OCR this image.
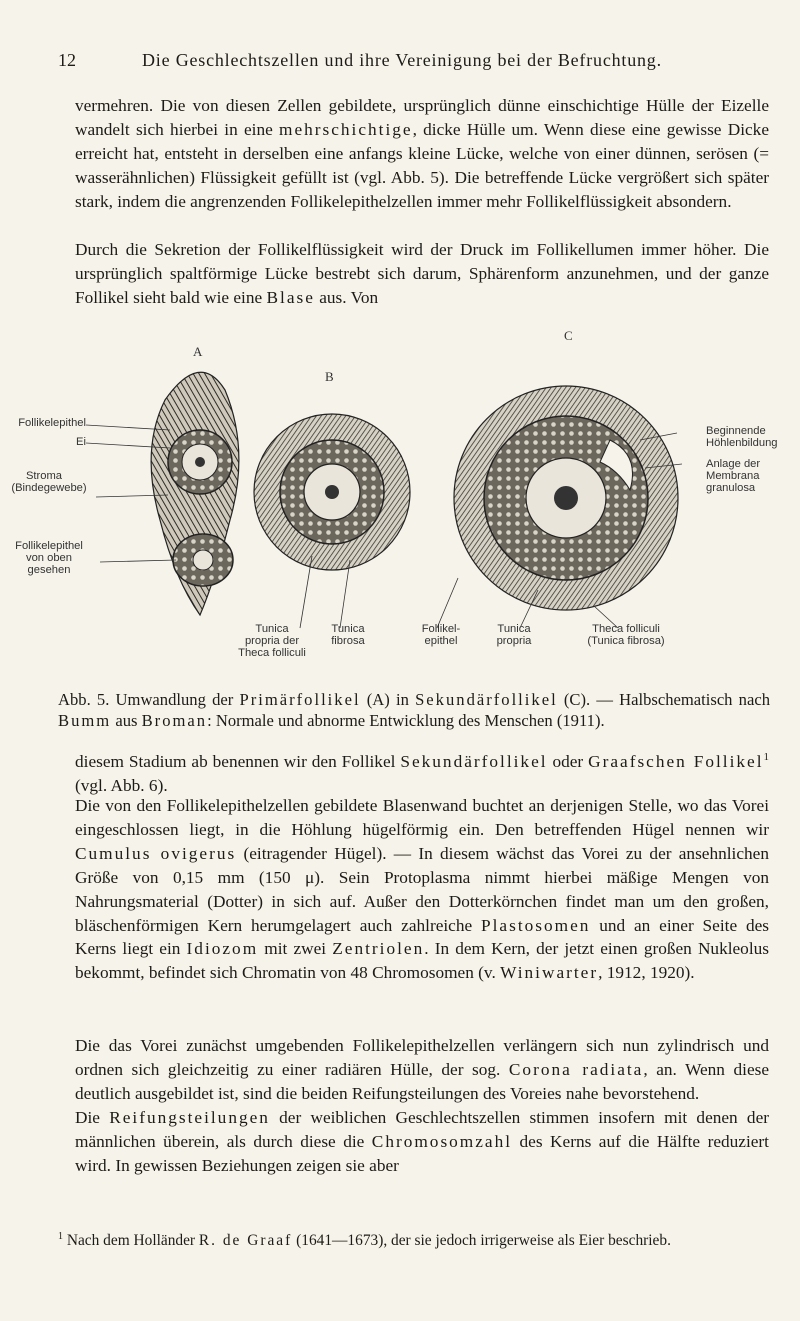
12	Die Geschlechtszellen und ihre Vereinigung bei der Befruchtung.

vermehren. Die von diesen Zellen gebildete, ursprünglich dünne einschichtige Hülle der Eizelle wandelt sich hierbei in eine mehrschichtige, dicke Hülle um. Wenn diese eine gewisse Dicke erreicht hat, entsteht in derselben eine anfangs kleine Lücke, welche von einer dünnen, serösen (= wasserähnlichen) Flüssigkeit gefüllt ist (vgl. Abb. 5). Die betreffende Lücke vergrößert sich später stark, indem die angrenzenden Follikelepithelzellen immer mehr Follikelflüssigkeit absondern.

Durch die Sekretion der Follikelflüssigkeit wird der Druck im Follikellumen immer höher. Die ursprünglich spaltförmige Lücke bestrebt sich darum, Sphärenform anzunehmen, und der ganze Follikel sieht bald wie eine Blase aus. Von

C
A
B
Follikelepithel
Ei
Stroma
(Bindegewebe)
Follikelepithel
von oben
gesehen
Beginnende
Höhlenbildung
Anlage der
Membrana
granulosa
Tunica
propria der
Theca folliculi
Tunica
fibrosa
Follikel-
epithel
Tunica
propria
Theca folliculi
(Tunica fibrosa)

Abb. 5. Umwandlung der Primärfollikel (A) in Sekundärfollikel (C). — Halbschematisch nach Bumm aus Broman: Normale und abnorme Entwicklung des Menschen (1911).

diesem Stadium ab benennen wir den Follikel Sekundärfollikel oder Graafschen Follikel$^1$ (vgl. Abb. 6).

Die von den Follikelepithelzellen gebildete Blasenwand buchtet an derjenigen Stelle, wo das Vorei eingeschlossen liegt, in die Höhlung hügelförmig ein. Den betreffenden Hügel nennen wir Cumulus ovigerus (eitragender Hügel). — In diesem wächst das Vorei zu der ansehnlichen Größe von 0,15 mm (150 μ). Sein Protoplasma nimmt hierbei mäßige Mengen von Nahrungsmaterial (Dotter) in sich auf. Außer den Dotterkörnchen findet man um den großen, bläschenförmigen Kern herumgelagert auch zahlreiche Plastosomen und an einer Seite des Kerns liegt ein Idiozom mit zwei Zentriolen. In dem Kern, der jetzt einen großen Nukleolus bekommt, befindet sich Chromatin von 48 Chromosomen (v. Winiwarter, 1912, 1920).

Die das Vorei zunächst umgebenden Follikelepithelzellen verlängern sich nun zylindrisch und ordnen sich gleichzeitig zu einer radiären Hülle, der sog. Corona radiata, an. Wenn diese deutlich ausgebildet ist, sind die beiden Reifungsteilungen des Voreies nahe bevorstehend.

Die Reifungsteilungen der weiblichen Geschlechtszellen stimmen insofern mit denen der männlichen überein, als durch diese die Chromosomzahl des Kerns auf die Hälfte reduziert wird. In gewissen Beziehungen zeigen sie aber

$^1$ Nach dem Holländer R. de Graaf (1641—1673), der sie jedoch irrigerweise als Eier beschrieb.
